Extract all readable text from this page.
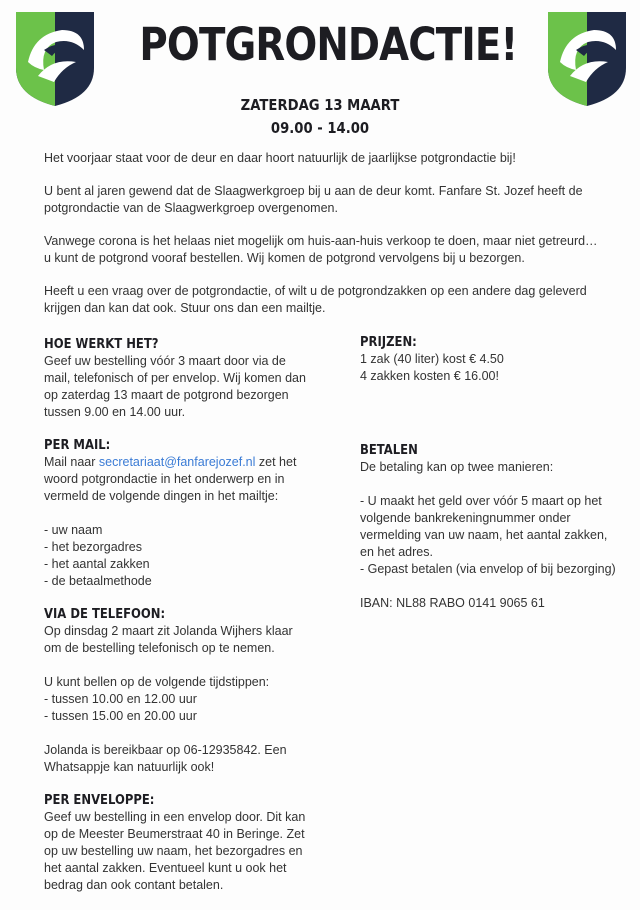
POTGRONDACTIE!
ZATERDAG 13 MAART
09.00 - 14.00

Het voorjaar staat voor de deur en daar hoort natuurlijk de jaarlijkse potgrondactie bij!

U bent al jaren gewend dat de Slaagwerkgroep bij u aan de deur komt. Fanfare St. Jozef heeft de potgrondactie van de Slaagwerkgroep overgenomen.

Vanwege corona is het helaas niet mogelijk om huis-aan-huis verkoop te doen, maar niet getreurd… u kunt de potgrond vooraf bestellen. Wij komen de potgrond vervolgens bij u bezorgen.

Heeft u een vraag over de potgrondactie, of wilt u de potgrondzakken op een andere dag geleverd krijgen dan kan dat ook. Stuur ons dan een mailtje.

HOE WERKT HET?

Geef uw bestelling vóór 3 maart door via de mail, telefonisch of per envelop. Wij komen dan op zaterdag 13 maart de potgrond bezorgen tussen 9.00 en 14.00 uur.

PER MAIL:

Mail naar secretariaat@fanfarejozef.nl zet het woord potgrondactie in het onderwerp en in vermeld de volgende dingen in het mailtje:

- uw naam

- het bezorgadres

- het aantal zakken

- de betaalmethode

VIA DE TELEFOON:

Op dinsdag 2 maart zit Jolanda Wijhers klaar om de bestelling telefonisch op te nemen.

U kunt bellen op de volgende tijdstippen:

- tussen 10.00 en 12.00 uur

- tussen 15.00 en 20.00 uur

Jolanda is bereikbaar op 06-12935842. Een Whatsappje kan natuurlijk ook!

PER ENVELOPPE:

Geef uw bestelling in een envelop door. Dit kan op de Meester Beumerstraat 40 in Beringe. Zet op uw bestelling uw naam, het bezorgadres en het aantal zakken. Eventueel kunt u ook het bedrag dan ook contant betalen.

PRIJZEN:

1 zak (40 liter) kost € 4.50

4 zakken kosten € 16.00!

BETALEN

De betaling kan op twee manieren:

- U maakt het geld over vóór 5 maart op het volgende bankrekeningnummer onder vermelding van uw naam, het aantal zakken, en het adres.

- Gepast betalen (via envelop of bij bezorging)

IBAN: NL88 RABO 0141 9065 61
